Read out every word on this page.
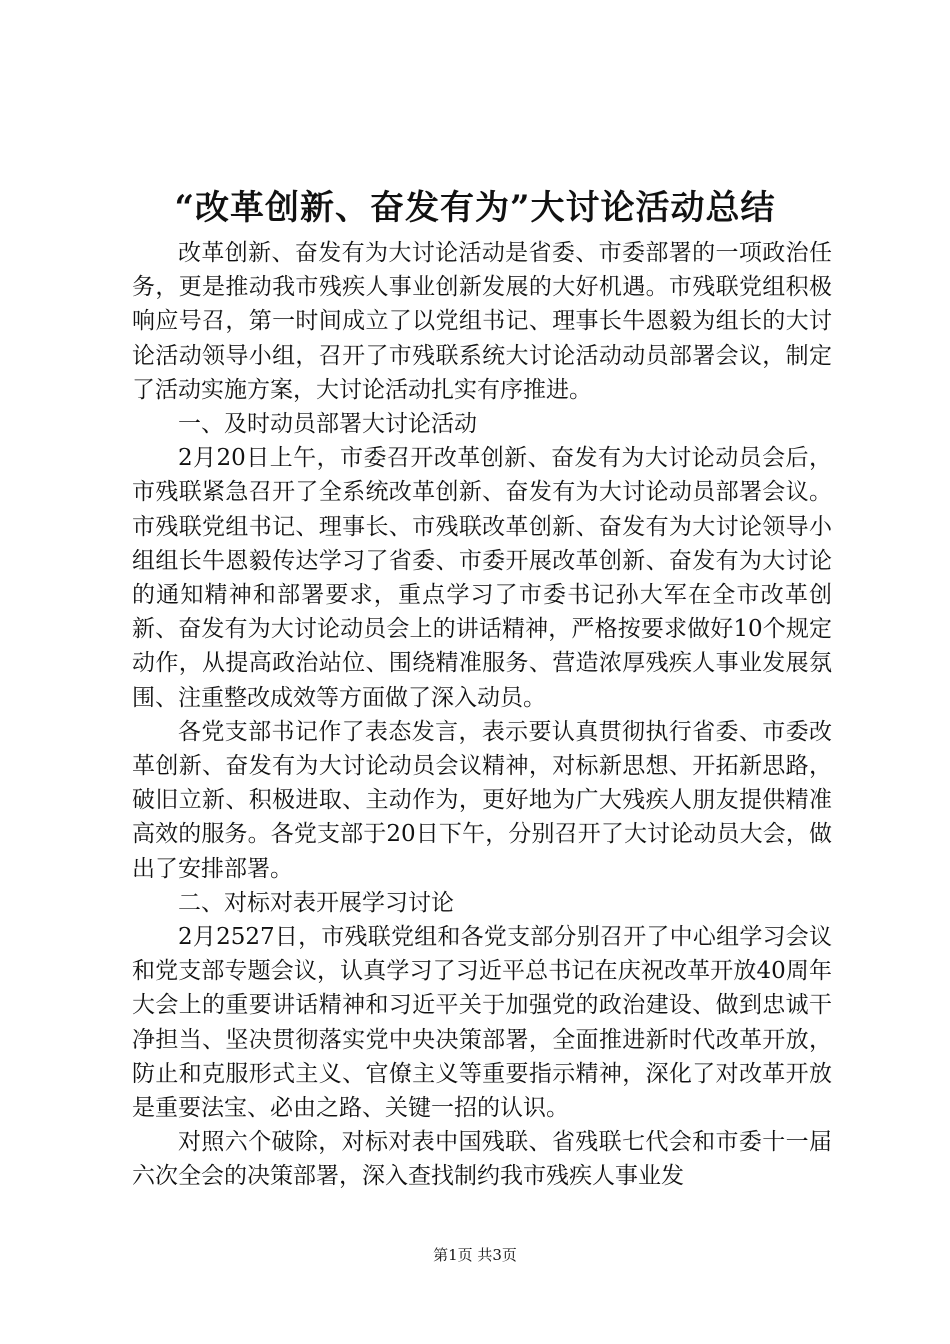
“改革创新、奋发有为”大讨论活动总结

改革创新、奋发有为大讨论活动是省委、市委部署的一项政治任务，更是推动我市残疾人事业创新发展的大好机遇。市残联党组积极响应号召，第一时间成立了以党组书记、理事长牛恩毅为组长的大讨论活动领导小组，召开了市残联系统大讨论活动动员部署会议，制定了活动实施方案，大讨论活动扎实有序推进。

一、及时动员部署大讨论活动

2月20日上午，市委召开改革创新、奋发有为大讨论动员会后，市残联紧急召开了全系统改革创新、奋发有为大讨论动员部署会议。市残联党组书记、理事长、市残联改革创新、奋发有为大讨论领导小组组长牛恩毅传达学习了省委、市委开展改革创新、奋发有为大讨论的通知精神和部署要求，重点学习了市委书记孙大军在全市改革创新、奋发有为大讨论动员会上的讲话精神，严格按要求做好10个规定动作，从提高政治站位、围绕精准服务、营造浓厚残疾人事业发展氛围、注重整改成效等方面做了深入动员。

各党支部书记作了表态发言，表示要认真贯彻执行省委、市委改革创新、奋发有为大讨论动员会议精神，对标新思想、开拓新思路，破旧立新、积极进取、主动作为，更好地为广大残疾人朋友提供精准高效的服务。各党支部于20日下午，分别召开了大讨论动员大会，做出了安排部署。

二、对标对表开展学习讨论

2月2527日，市残联党组和各党支部分别召开了中心组学习会议和党支部专题会议，认真学习了习近平总书记在庆祝改革开放40周年大会上的重要讲话精神和习近平关于加强党的政治建设、做到忠诚干净担当、坚决贯彻落实党中央决策部署，全面推进新时代改革开放，防止和克服形式主义、官僚主义等重要指示精神，深化了对改革开放是重要法宝、必由之路、关键一招的认识。

对照六个破除，对标对表中国残联、省残联七代会和市委十一届六次全会的决策部署，深入查找制约我市残疾人事业发

第1页 共3页
